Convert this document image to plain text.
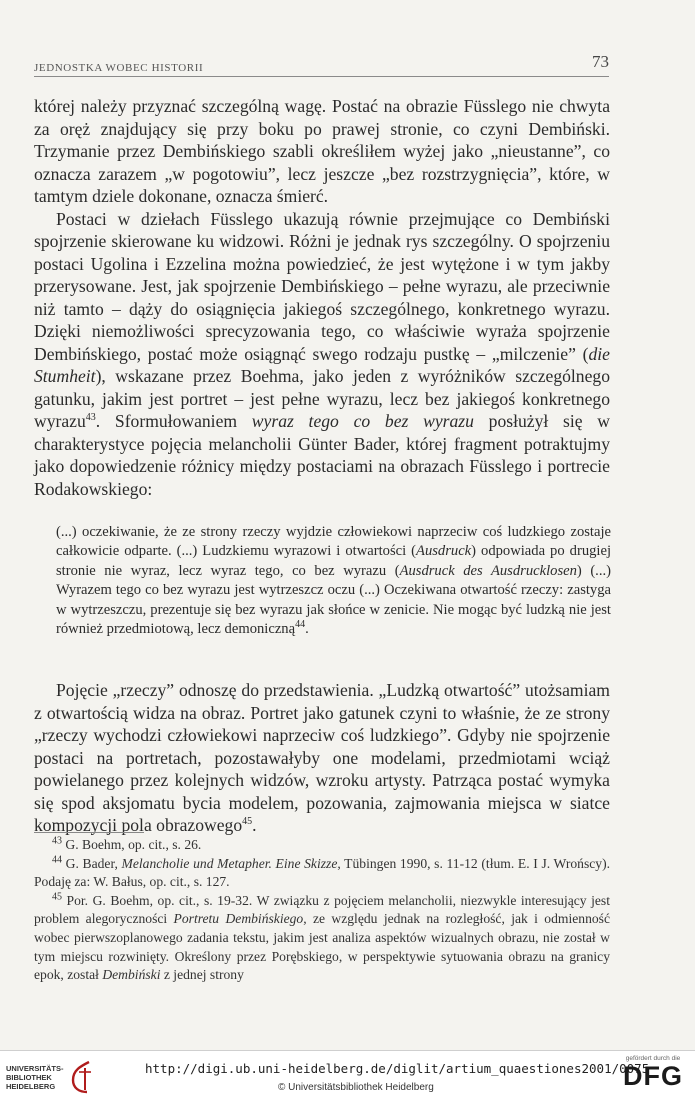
JEDNOSTKA WOBEC HISTORII	73

której należy przyznać szczególną wagę. Postać na obrazie Füsslego nie chwyta za oręż znajdujący się przy boku po prawej stronie, co czyni Dembiński. Trzymanie przez Dembińskiego szabli określiłem wyżej jako „nieustanne”, co oznacza zarazem „w pogotowiu”, lecz jeszcze „bez rozstrzygnięcia”, które, w tamtym dziele dokonane, oznacza śmierć.

Postaci w dziełach Füsslego ukazują równie przejmujące co Dembiński spojrzenie skierowane ku widzowi. Różni je jednak rys szczególny. O spojrzeniu postaci Ugolina i Ezzelina można powiedzieć, że jest wytężone i w tym jakby przerysowane. Jest, jak spojrzenie Dembińskiego – pełne wyrazu, ale przeciwnie niż tamto – dąży do osiągnięcia jakiegoś szczególnego, konkretnego wyrazu. Dzięki niemożliwości sprecyzowania tego, co właściwie wyraża spojrzenie Dembińskiego, postać może osiągnąć swego rodzaju pustkę – „milczenie” (die Stumheit), wskazane przez Boehma, jako jeden z wyróżników szczególnego gatunku, jakim jest portret – jest pełne wyrazu, lecz bez jakiegoś konkretnego wyrazu$^{43}$. Sformułowaniem wyraz tego co bez wyrazu posłużył się w charakterystyce pojęcia melancholii Günter Bader, której fragment potraktujmy jako dopowiedzenie różnicy między postaciami na obrazach Füsslego i portrecie Rodakowskiego:

(...) oczekiwanie, że ze strony rzeczy wyjdzie człowiekowi naprzeciw coś ludzkiego zostaje całkowicie odparte. (...) Ludzkiemu wyrazowi i otwartości (Ausdruck) odpowiada po drugiej stronie nie wyraz, lecz wyraz tego, co bez wyrazu (Ausdruck des Ausdrucklosen) (...) Wyrazem tego co bez wyrazu jest wytrzeszcz oczu (...) Oczekiwana otwartość rzeczy: zastyga w wytrzeszczu, prezentuje się bez wyrazu jak słońce w zenicie. Nie mogąc być ludzką nie jest również przedmiotową, lecz demoniczną$^{44}$.

Pojęcie „rzeczy” odnoszę do przedstawienia. „Ludzką otwartość” utożsamiam z otwartością widza na obraz. Portret jako gatunek czyni to właśnie, że ze strony „rzeczy wychodzi człowiekowi naprzeciw coś ludzkiego”. Gdyby nie spojrzenie postaci na portretach, pozostawałyby one modelami, przedmiotami wciąż powielanego przez kolejnych widzów, wzroku artysty. Patrząca postać wymyka się spod aksjomatu bycia modelem, pozowania, zajmowania miejsca w siatce kompozycji pola obrazowego$^{45}$.

$^{43}$ G. Boehm, op. cit., s. 26.

$^{44}$ G. Bader, Melancholie und Metapher. Eine Skizze, Tübingen 1990, s. 11-12 (tłum. E. I J. Wrońscy). Podaję za: W. Bałus, op. cit., s. 127.

$^{45}$ Por. G. Boehm, op. cit., s. 19-32. W związku z pojęciem melancholii, niezwykle interesujący jest problem alegoryczności Portretu Dembińskiego, ze względu jednak na rozległość, jak i odmienność wobec pierwszoplanowego zadania tekstu, jakim jest analiza aspektów wizualnych obrazu, nie został w tym miejscu rozwinięty. Określony przez Porębskiego, w perspektywie sytuowania obrazu na granicy epok, został Dembiński z jednej strony

UNIVERSITÄTS-
BIBLIOTHEK
HEIDELBERG
http://digi.ub.uni-heidelberg.de/diglit/artium_quaestiones2001/0075
© Universitätsbibliothek Heidelberg
gefördert durch die
DFG
